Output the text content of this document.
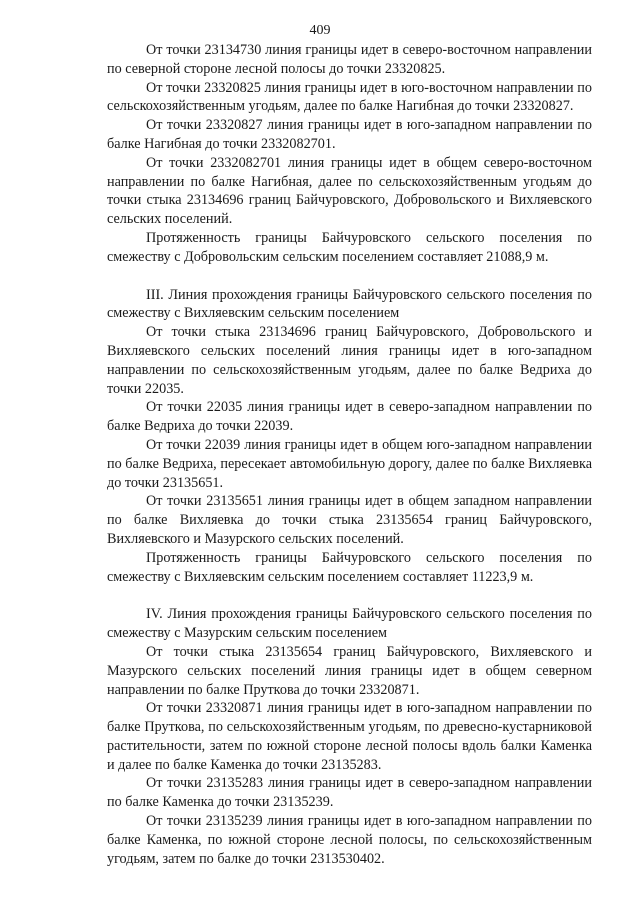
409

От точки 23134730 линия границы идет в северо-восточном направлении по северной стороне лесной полосы до точки 23320825.

От точки 23320825 линия границы идет в юго-восточном направлении по сельскохозяйственным угодьям, далее по балке Нагибная до точки 23320827.

От точки 23320827 линия границы идет в юго-западном направлении по балке Нагибная до точки 2332082701.

От точки 2332082701 линия границы идет в общем северо-восточном направлении по балке Нагибная, далее по сельскохозяйственным угодьям до точки стыка 23134696 границ Байчуровского, Добровольского и Вихляевского сельских поселений.

Протяженность границы Байчуровского сельского поселения по смежеству с Добровольским сельским поселением составляет 21088,9 м.

III. Линия прохождения границы Байчуровского сельского поселения по смежеству с Вихляевским сельским поселением

От точки стыка 23134696 границ Байчуровского, Добровольского и Вихляевского сельских поселений линия границы идет в юго-западном направлении по сельскохозяйственным угодьям, далее по балке Ведриха до точки 22035.

От точки 22035 линия границы идет в северо-западном направлении по балке Ведриха до точки 22039.

От точки 22039 линия границы идет в общем юго-западном направлении по балке Ведриха, пересекает автомобильную дорогу, далее по балке Вихляевка до точки 23135651.

От точки 23135651 линия границы идет в общем западном направлении по балке Вихляевка до точки стыка 23135654 границ Байчуровского, Вихляевского и Мазурского сельских поселений.

Протяженность границы Байчуровского сельского поселения по смежеству с Вихляевским сельским поселением составляет 11223,9 м.

IV. Линия прохождения границы Байчуровского сельского поселения по смежеству с Мазурским сельским поселением

От точки стыка 23135654 границ Байчуровского, Вихляевского и Мазурского сельских поселений линия границы идет в общем северном направлении по балке Пруткова до точки 23320871.

От точки 23320871 линия границы идет в юго-западном направлении по балке Пруткова, по сельскохозяйственным угодьям, по древесно-кустарниковой растительности, затем по южной стороне лесной полосы вдоль балки Каменка и далее по балке Каменка до точки 23135283.

От точки 23135283 линия границы идет в северо-западном направлении по балке Каменка до точки 23135239.

От точки 23135239 линия границы идет в юго-западном направлении по балке Каменка, по южной стороне лесной полосы, по сельскохозяйственным угодьям, затем по балке до точки 2313530402.
